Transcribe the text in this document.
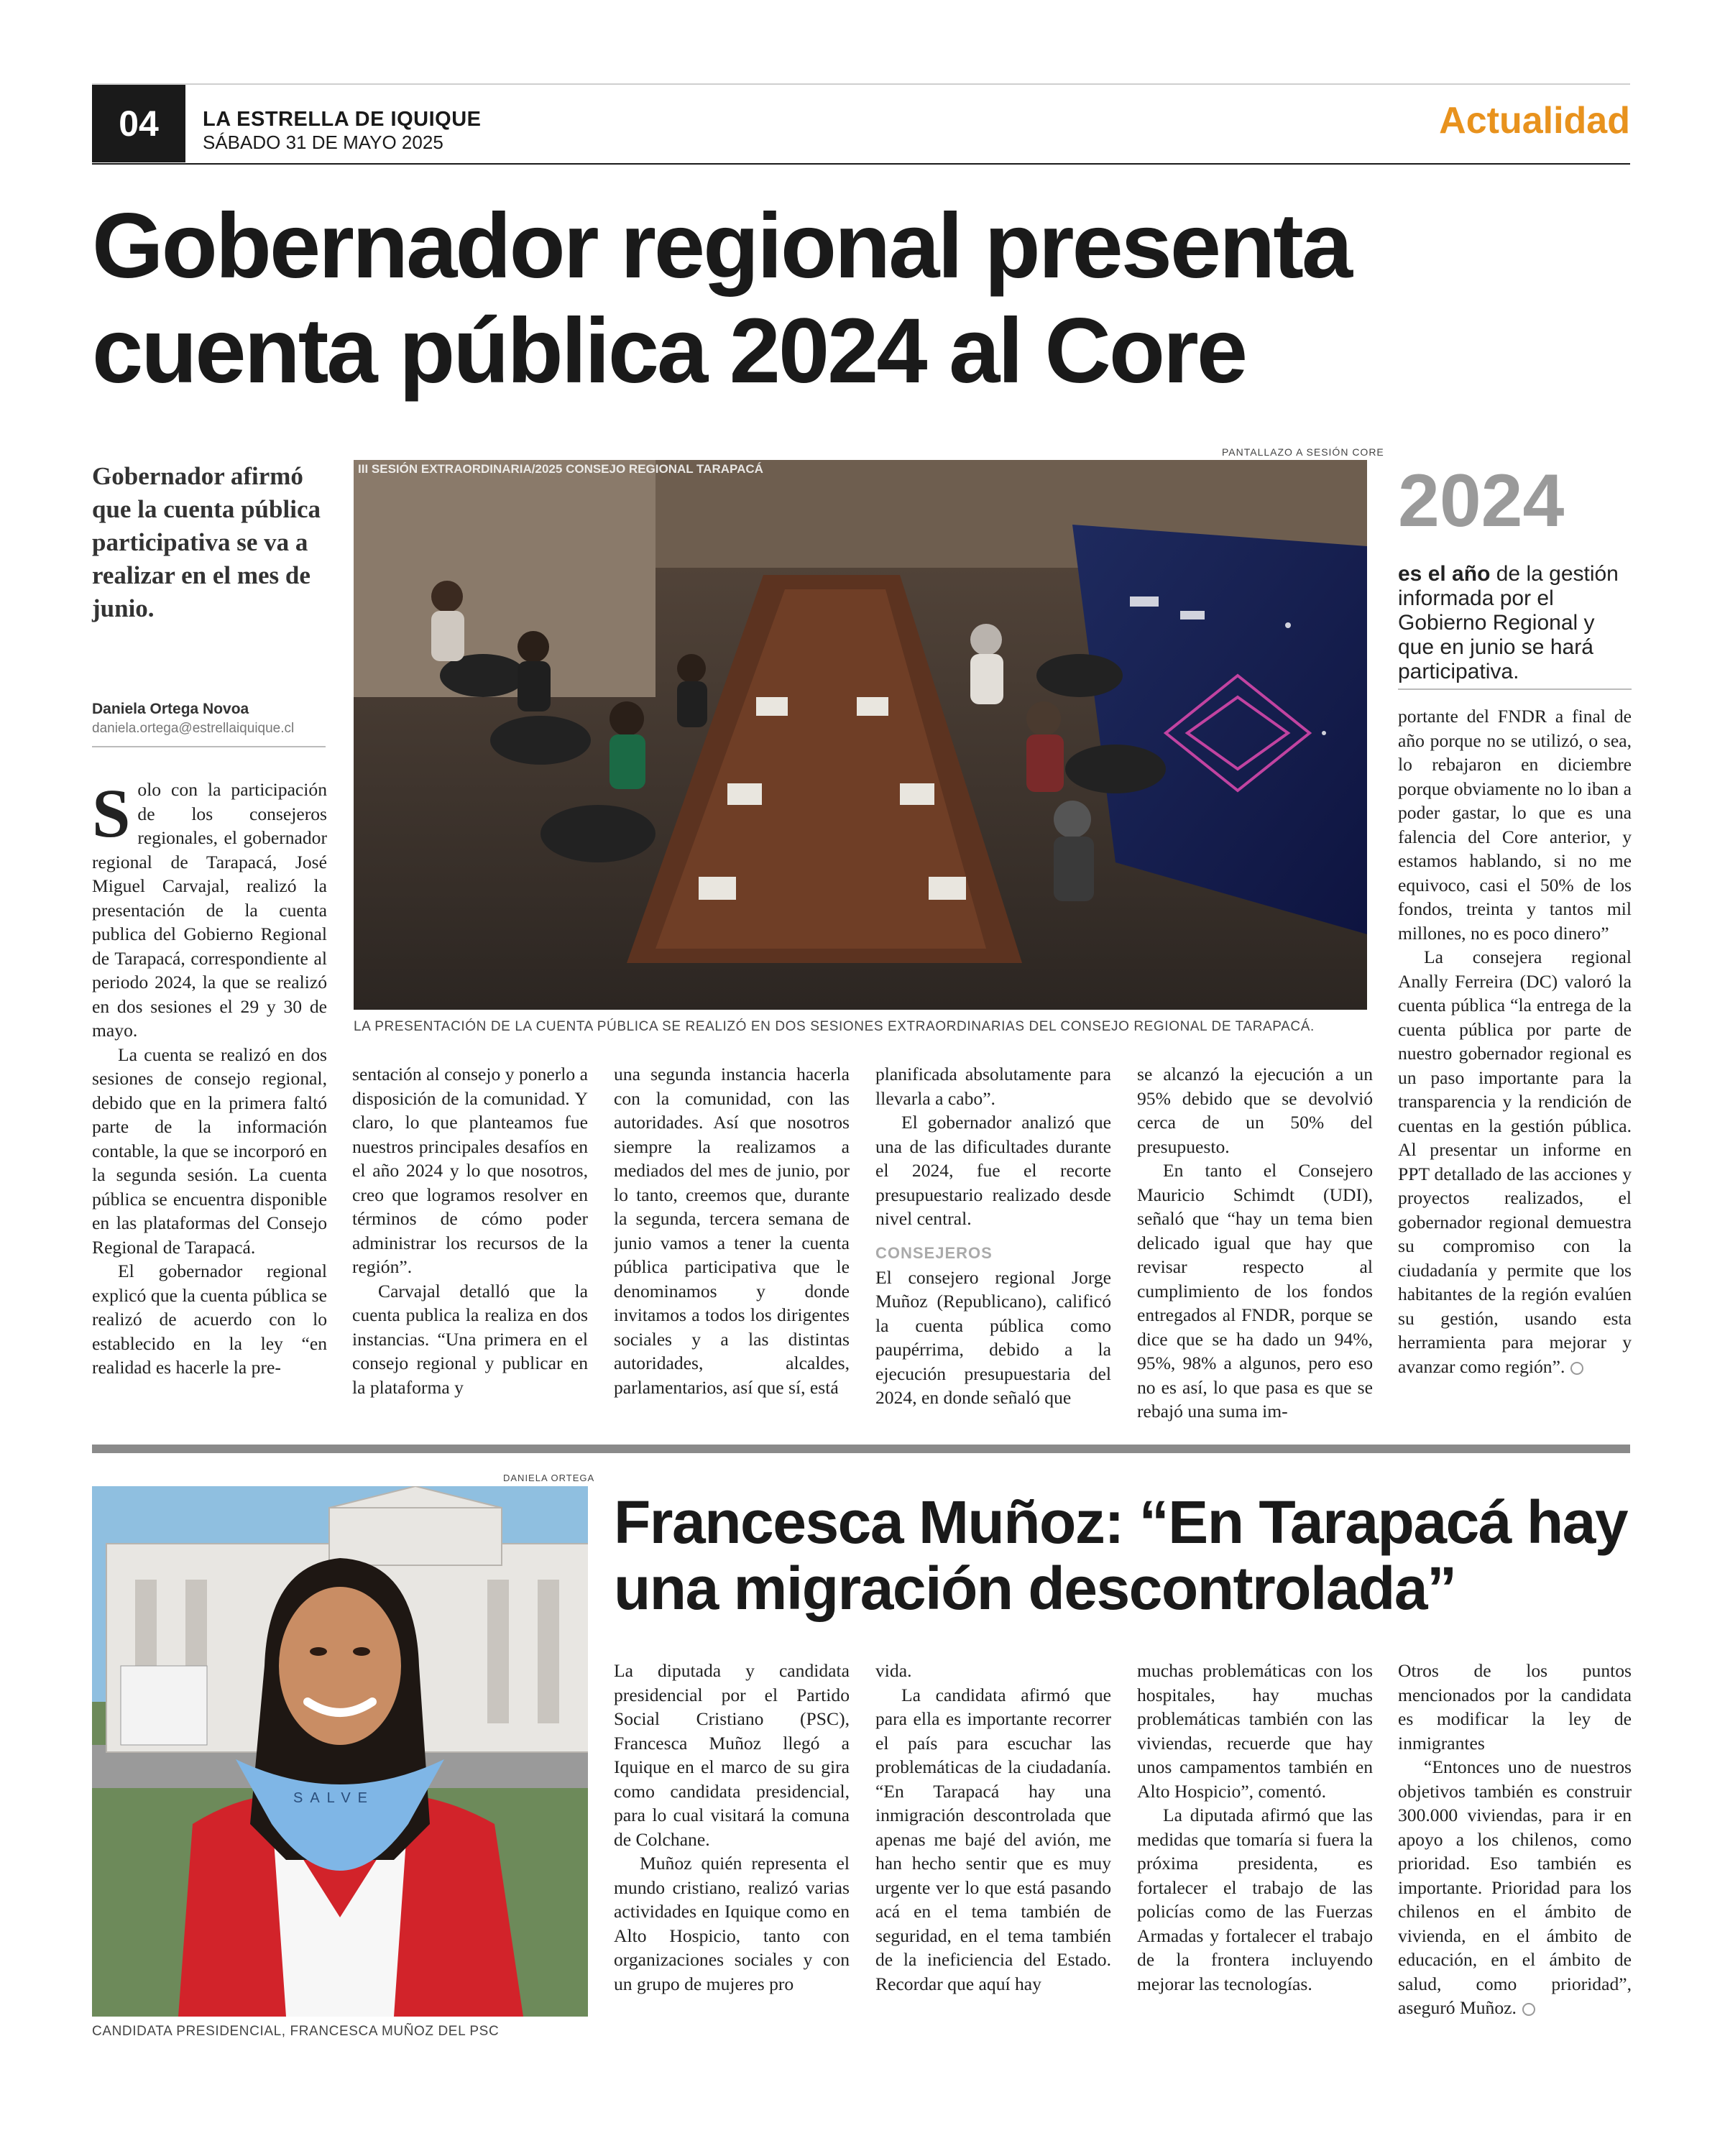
04	LA ESTRELLA DE IQUIQUE
SÁBADO 31 DE MAYO 2025
Actualidad
Gobernador regional presenta cuenta pública 2024 al Core
Gobernador afirmó que la cuenta pública participativa se va a realizar en el mes de junio.
Daniela Ortega Novoa
daniela.ortega@estrellaiquique.cl
PANTALLAZO A SESIÓN CORE
III SESIÓN EXTRAORDINARIA/2025 CONSEJO REGIONAL TARAPACÁ
LA PRESENTACIÓN DE LA CUENTA PÚBLICA SE REALIZÓ EN DOS SESIONES EXTRAORDINARIAS DEL CONSEJO REGIONAL DE TARAPACÁ.
2024
es el año de la gestión informada por el Gobierno Regional y que en junio se hará participativa.

Solo con la participación de los consejeros regionales, el gobernador regional de Tarapacá, José Miguel Carvajal, realizó la presentación de la cuenta publica del Gobierno Regional de Tarapacá, correspondiente al periodo 2024, la que se realizó en dos sesiones el 29 y 30 de mayo.

La cuenta se realizó en dos sesiones de consejo regional, debido que en la primera faltó parte de la información contable, la que se incorporó en la segunda sesión. La cuenta pública se encuentra disponible en las plataformas del Consejo Regional de Tarapacá.

El gobernador regional explicó que la cuenta pública se realizó de acuerdo con lo establecido en la ley “en realidad es hacerle la pre-

sentación al consejo y ponerlo a disposición de la comunidad. Y claro, lo que planteamos fue nuestros principales desafíos en el año 2024 y lo que nosotros, creo que logramos resolver en términos de cómo poder administrar los recursos de la región”.

Carvajal detalló que la cuenta publica la realiza en dos instancias. “Una primera en el consejo regional y publicar en la plataforma y

una segunda instancia hacerla con la comunidad, con las autoridades. Así que nosotros siempre la realizamos a mediados del mes de junio, por lo tanto, creemos que, durante la segunda, tercera semana de junio vamos a tener la cuenta pública participativa que le denominamos y donde invitamos a todos los dirigentes sociales y a las distintas autoridades, alcaldes, parlamentarios, así que sí, está

planificada absolutamente para llevarla a cabo”.

El gobernador analizó que una de las dificultades durante el 2024, fue el recorte presupuestario realizado desde nivel central.

CONSEJEROS

El consejero regional Jorge Muñoz (Republicano), calificó la cuenta pública como paupérrima, debido a la ejecución presupuestaria del 2024, en donde señaló que

se alcanzó la ejecución a un 95% debido que se devolvió cerca de un 50% del presupuesto.

En tanto el Consejero Mauricio Schimdt (UDI), señaló que “hay un tema bien delicado igual que hay que revisar respecto al cumplimiento de los fondos entregados al FNDR, porque se dice que se ha dado un 94%, 95%, 98% a algunos, pero eso no es así, lo que pasa es que se rebajó una suma im-

portante del FNDR a final de año porque no se utilizó, o sea, lo rebajaron en diciembre porque obviamente no lo iban a poder gastar, lo que es una falencia del Core anterior, y estamos hablando, si no me equivoco, casi el 50% de los fondos, treinta y tantos mil millones, no es poco dinero”

La consejera regional Anally Ferreira (DC) valoró la cuenta pública “la entrega de la cuenta pública por parte de nuestro gobernador regional es un paso importante para la transparencia y la rendición de cuentas en la gestión pública. Al presentar un informe en PPT detallado de las acciones y proyectos realizados, el gobernador regional demuestra su compromiso con la ciudadanía y permite que los habitantes de la región evalúen su gestión, usando esta herramienta para mejorar y avanzar como región”.

DANIELA ORTEGA
SALVE
CANDIDATA PRESIDENCIAL, FRANCESCA MUÑOZ DEL PSC
Francesca Muñoz: “En Tarapacá hay una migración descontrolada”

La diputada y candidata presidencial por el Partido Social Cristiano (PSC), Francesca Muñoz llegó a Iquique en el marco de su gira como candidata presidencial, para lo cual visitará la comuna de Colchane.

Muñoz quién representa el mundo cristiano, realizó varias actividades en Iquique como en Alto Hospicio, tanto con organizaciones sociales y con un grupo de mujeres pro

vida.

La candidata afirmó que para ella es importante recorrer el país para escuchar las problemáticas de la ciudadanía. “En Tarapacá hay una inmigración descontrolada que apenas me bajé del avión, me han hecho sentir que es muy urgente ver lo que está pasando acá en el tema también de seguridad, en el tema también de la ineficiencia del Estado. Recordar que aquí hay

muchas problemáticas con los hospitales, hay muchas problemáticas también con las viviendas, recuerde que hay unos campamentos también en Alto Hospicio”, comentó.

La diputada afirmó que las medidas que tomaría si fuera la próxima presidenta, es fortalecer el trabajo de las policías como de las Fuerzas Armadas y fortalecer el trabajo de la frontera incluyendo mejorar las tecnologías.

Otros de los puntos mencionados por la candidata es modificar la ley de inmigrantes

“Entonces uno de nuestros objetivos también es construir 300.000 viviendas, para ir en apoyo a los chilenos, como prioridad. Eso también es importante. Prioridad para los chilenos en el ámbito de vivienda, en el ámbito de educación, en el ámbito de salud, como prioridad”, aseguró Muñoz.
